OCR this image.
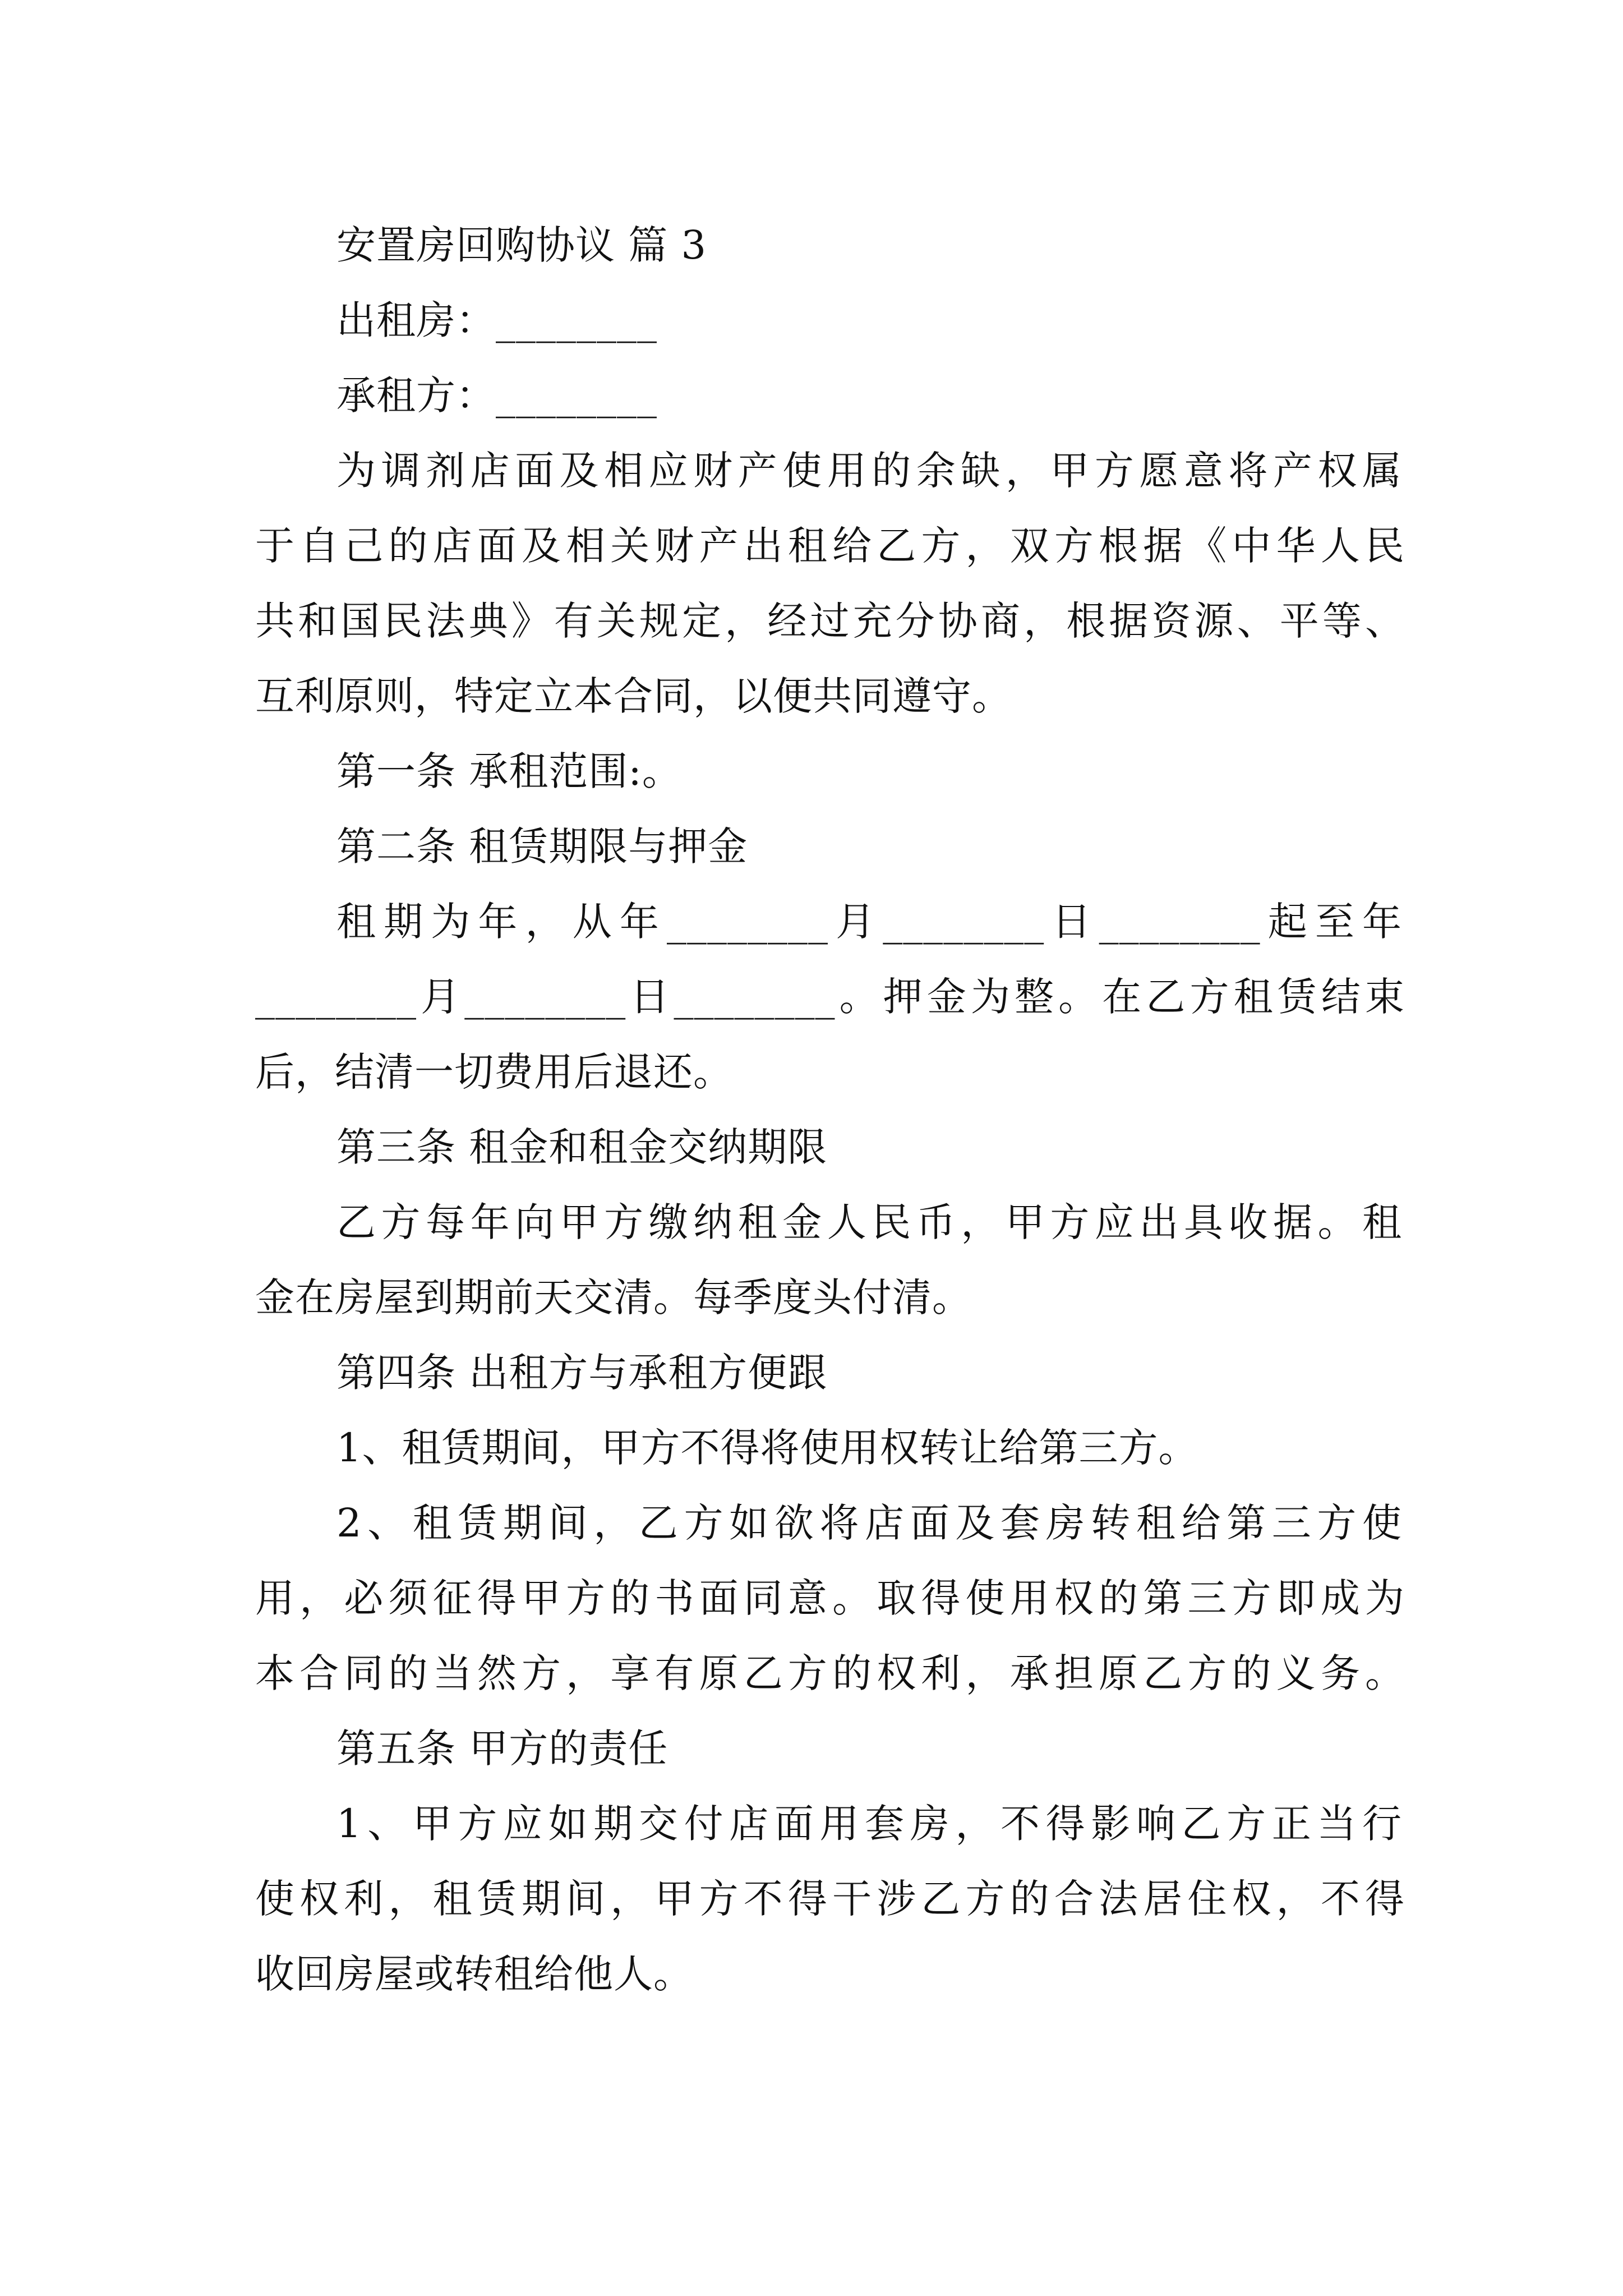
安置房回购协议 篇 3
出租房：________
承租方：________
为调剂店面及相应财产使用的余缺，甲方愿意将产权属
于自己的店面及相关财产出租给乙方，双方根据《中华人民
共和国民法典》有关规定，经过充分协商，根据资源、平等、
互利原则，特定立本合同，以便共同遵守。
第一条 承租范围:。
第二条 租赁期限与押金
租期为年，从年________月________日________起至年
________月________日________。押金为整。在乙方租赁结束
后，结清一切费用后退还。
第三条 租金和租金交纳期限
乙方每年向甲方缴纳租金人民币，甲方应出具收据。租
金在房屋到期前天交清。每季度头付清。
第四条 出租方与承租方便跟
1、租赁期间，甲方不得将使用权转让给第三方。
2、租赁期间，乙方如欲将店面及套房转租给第三方使
用，必须征得甲方的书面同意。取得使用权的第三方即成为
本合同的当然方，享有原乙方的权利，承担原乙方的义务。
第五条 甲方的责任
1、甲方应如期交付店面用套房，不得影响乙方正当行
使权利，租赁期间，甲方不得干涉乙方的合法居住权，不得
收回房屋或转租给他人。
